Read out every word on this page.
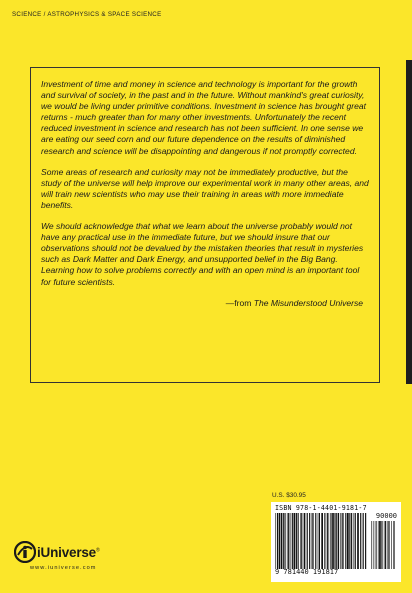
SCIENCE / ASTROPHYSICS & SPACE SCIENCE

Investment of time and money in science and technology is important for the growth and survival of society, in the past and in the future. Without mankind's great curiosity, we would be living under primitive conditions. Investment in science has brought great returns - much greater than for many other investments. Unfortunately the recent reduced investment in science and research has not been sufficient. In one sense we are eating our seed corn and our future dependence on the results of diminished research and science will be disappointing and dangerous if not promptly corrected.

Some areas of research and curiosity may not be immediately productive, but the study of the universe will help improve our experimental work in many other areas, and will train new scientists who may use their training in areas with more immediate benefits.

We should acknowledge that what we learn about the universe probably would not have any practical use in the immediate future, but we should insure that our observations should not be devalued by the mistaken theories that result in mysteries such as Dark Matter and Dark Energy, and unsupported belief in the Big Bang. Learning how to solve problems correctly and with an open mind is an important tool for future scientists.

—from The Misunderstood Universe
U.S. $30.95
ISBN 978-1-4401-9181-7
90000
9 781440 191817
iUniverse®
www.iuniverse.com
